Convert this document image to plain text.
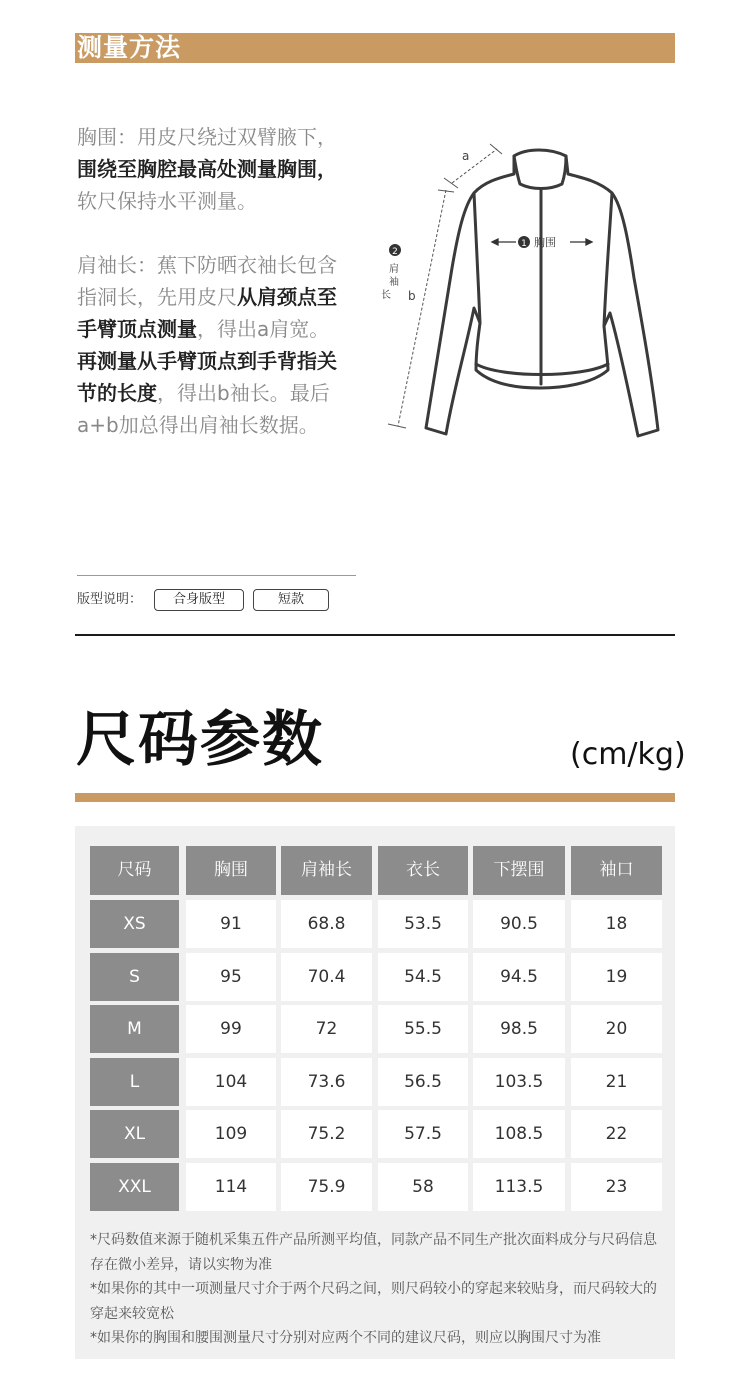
测量方法

胸围：用皮尺绕过双臂腋下，围绕至胸腔最高处测量胸围，软尺保持水平测量。

肩袖长：蕉下防晒衣袖长包含指洞长，先用皮尺从肩颈点至手臂顶点测量，得出a肩宽。再测量从手臂顶点到手背指关节的长度，得出b袖长。最后a+b加总得出肩袖长数据。

1 胸围
a
b
2
肩
袖
长
版型说明：	合身版型	短款
尺码参数	(cm/kg)
尺码	胸围	肩袖长	衣长	下摆围	袖口
XS	91	68.8	53.5	90.5	18
S	95	70.4	54.5	94.5	19
M	99	72	55.5	98.5	20
L	104	73.6	56.5	103.5	21
XL	109	75.2	57.5	108.5	22
XXL	114	75.9	58	113.5	23

*尺码数值来源于随机采集五件产品所测平均值，同款产品不同生产批次面料成分与尺码信息存在微小差异，请以实物为准

*如果你的其中一项测量尺寸介于两个尺码之间，则尺码较小的穿起来较贴身，而尺码较大的穿起来较宽松

*如果你的胸围和腰围测量尺寸分别对应两个不同的建议尺码，则应以胸围尺寸为准
